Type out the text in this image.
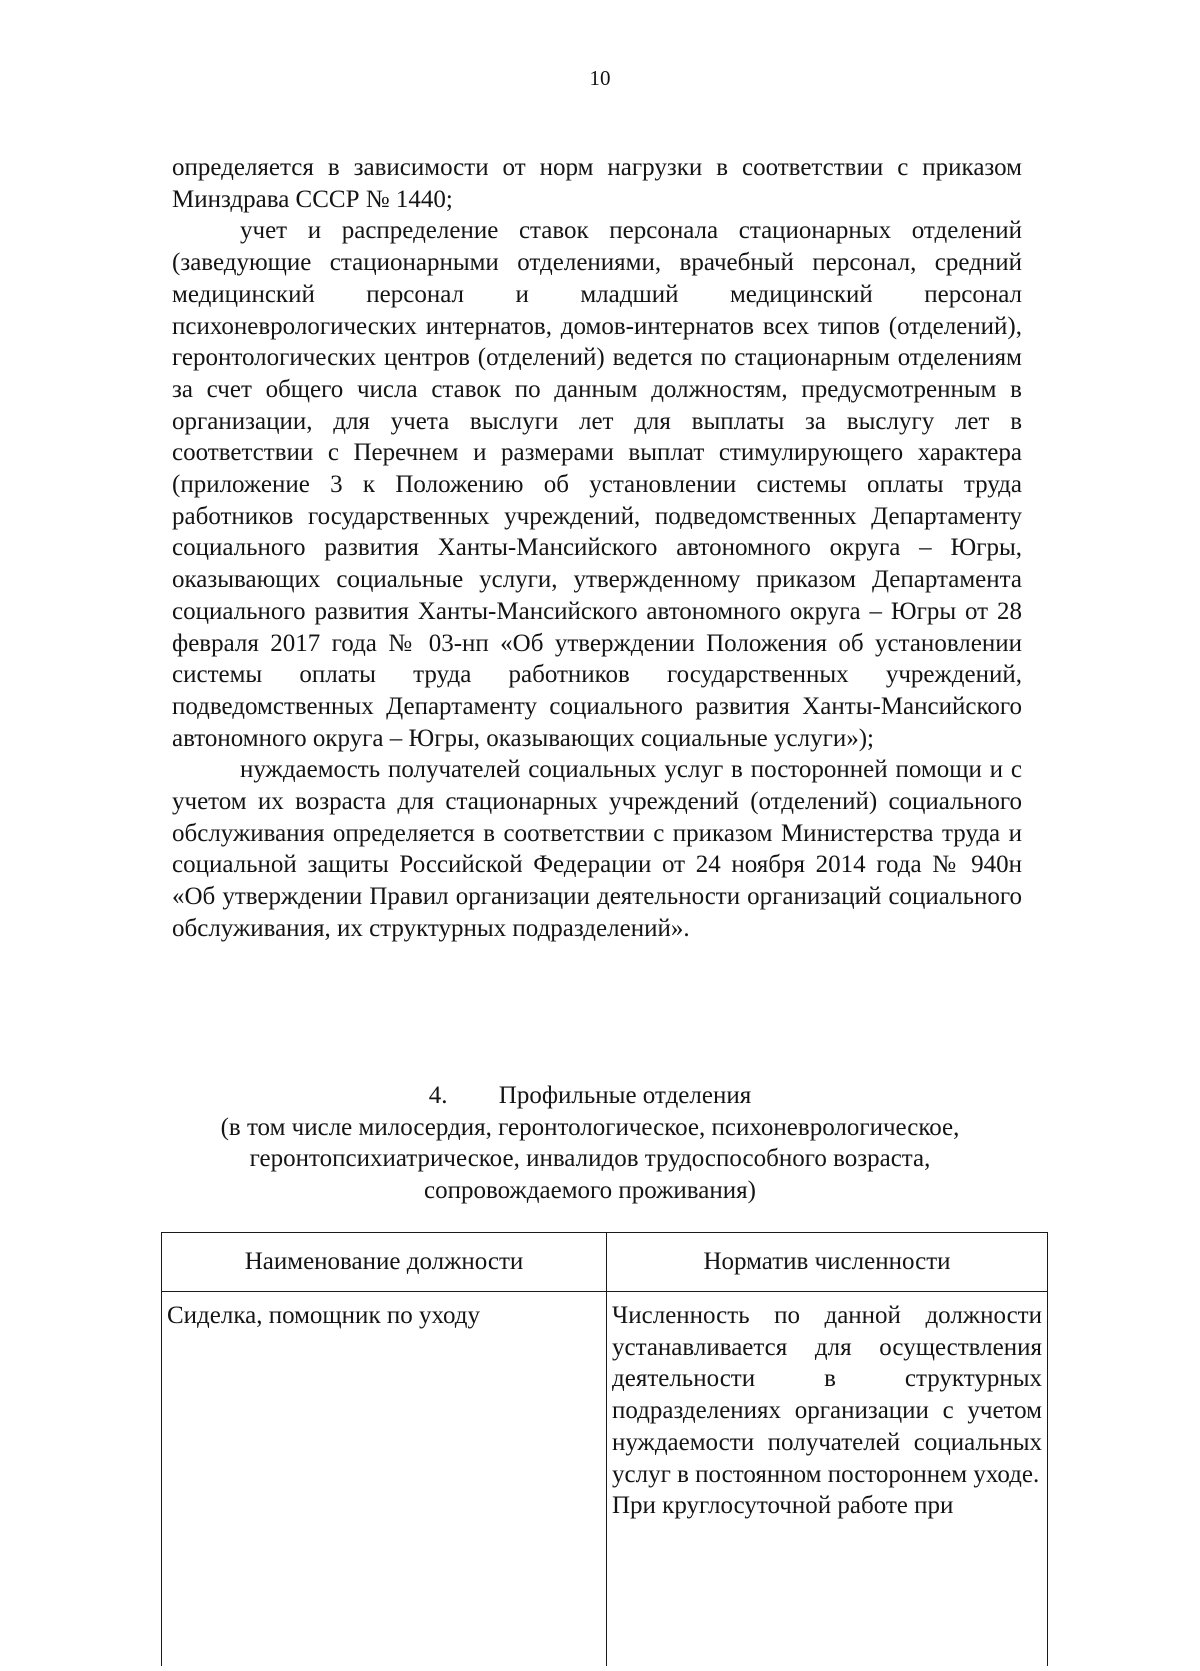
10

определяется в зависимости от норм нагрузки в соответствии с приказом Минздрава СССР № 1440;

учет и распределение ставок персонала стационарных отделений (заведующие стационарными отделениями, врачебный персонал, средний медицинский персонал и младший медицинский персонал психоневрологических интернатов, домов-интернатов всех типов (отделений), геронтологических центров (отделений) ведется по стационарным отделениям за счет общего числа ставок по данным должностям, предусмотренным в организации, для учета выслуги лет для выплаты за выслугу лет в соответствии с Перечнем и размерами выплат стимулирующего характера (приложение 3 к Положению об установлении системы оплаты труда работников государственных учреждений, подведомственных Департаменту социального развития Ханты-Мансийского автономного округа – Югры, оказывающих социальные услуги, утвержденному приказом Департамента социального развития Ханты-Мансийского автономного округа – Югры от 28 февраля 2017 года № 03-нп «Об утверждении Положения об установлении системы оплаты труда работников государственных учреждений, подведомственных Департаменту социального развития Ханты-Мансийского автономного округа – Югры, оказывающих социальные услуги»);

нуждаемость получателей социальных услуг в посторонней помощи и с учетом их возраста для стационарных учреждений (отделений) социального обслуживания определяется в соответствии с приказом Министерства труда и социальной защиты Российской Федерации от 24 ноября 2014 года № 940н «Об утверждении Правил организации деятельности организаций социального обслуживания, их структурных подразделений».

4. Профильные отделения
(в том числе милосердия, геронтологическое, психоневрологическое,
геронтопсихиатрическое, инвалидов трудоспособного возраста,
сопровождаемого проживания)
Наименование должности	Норматив численности
Сиделка, помощник по уходу	Численность по данной должности устанавливается для осуществления деятельности в структурных подразделениях организации с учетом нуждаемости получателей социальных услуг в постоянном постороннем уходе.
При круглосуточной работе при
